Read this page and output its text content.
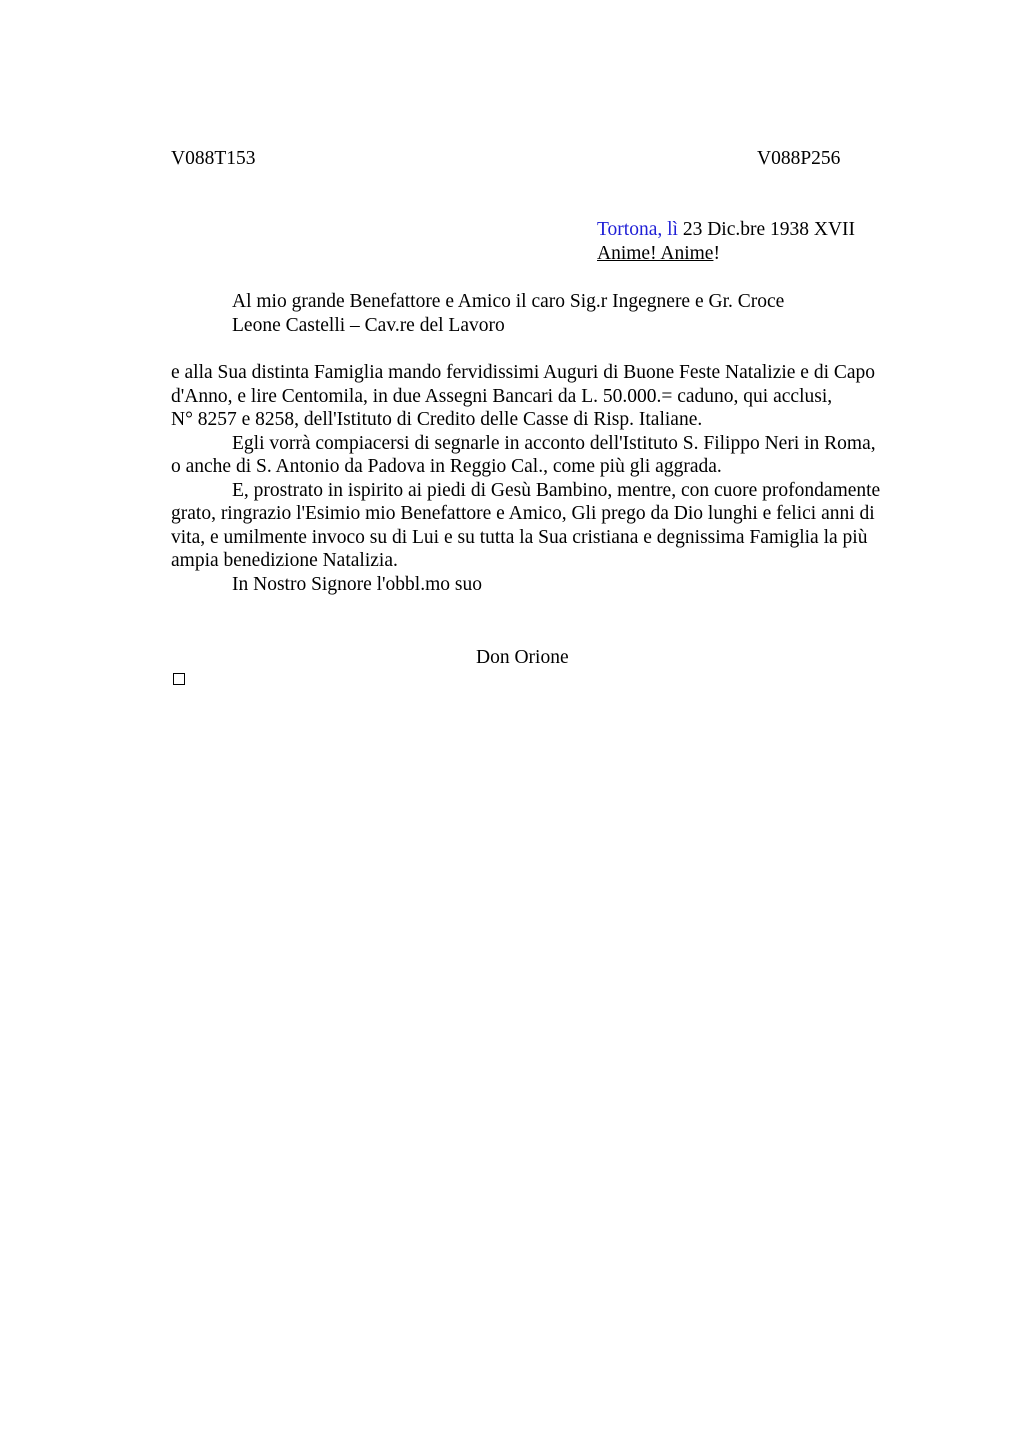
V088T153	V088P256
Tortona, lì 23 Dic.bre 1938 XVII
Anime! Anime!
Al mio grande Benefattore e Amico il caro Sig.r Ingegnere e Gr. Croce
Leone Castelli – Cav.re del Lavoro
e alla Sua distinta Famiglia mando fervidissimi Auguri di Buone Feste Natalizie e di Capo
d'Anno, e lire Centomila, in due Assegni Bancari da L. 50.000.= caduno, qui acclusi,
N° 8257 e 8258, dell'Istituto di Credito delle Casse di Risp. Italiane.
Egli vorrà compiacersi di segnarle in acconto dell'Istituto S. Filippo Neri in Roma,
o anche di S. Antonio da Padova in Reggio Cal., come più gli aggrada.
E, prostrato in ispirito ai piedi di Gesù Bambino, mentre, con cuore profondamente
grato, ringrazio l'Esimio mio Benefattore e Amico, Gli prego da Dio lunghi e felici anni di
vita, e umilmente invoco su di Lui e su tutta la Sua cristiana e degnissima Famiglia la più
ampia benedizione Natalizia.
In Nostro Signore l'obbl.mo suo
Don Orione
